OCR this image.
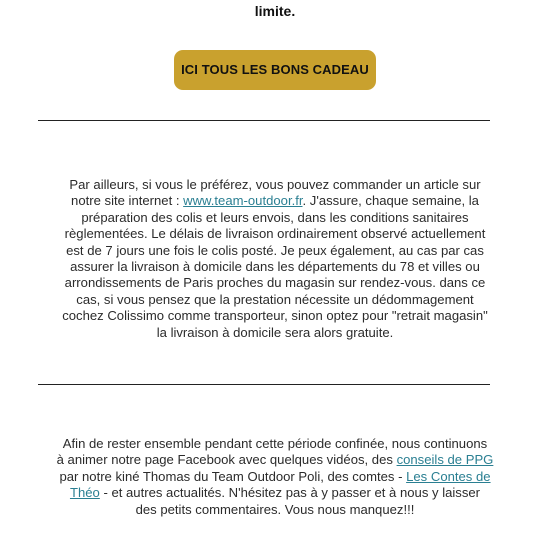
limite.
ICI TOUS LES BONS CADEAU
Par ailleurs, si vous le préférez, vous pouvez commander un article sur
notre site internet : www.team-outdoor.fr. J'assure, chaque semaine, la
préparation des colis et leurs envois, dans les conditions sanitaires
règlementées. Le délais de livraison ordinairement observé actuellement
est de 7 jours une fois le colis posté. Je peux également, au cas par cas
assurer la livraison à domicile dans les départements du 78 et villes ou
arrondissements de Paris proches du magasin sur rendez-vous. dans ce
cas, si vous pensez que la prestation nécessite un dédommagement
cochez Colissimo comme transporteur, sinon optez pour "retrait magasin"
la livraison à domicile sera alors gratuite.
Afin de rester ensemble pendant cette période confinée, nous continuons
à animer notre page Facebook avec quelques vidéos, des conseils de PPG
par notre kiné Thomas du Team Outdoor Poli, des comtes - Les Contes de
Théo - et autres actualités. N'hésitez pas à y passer et à nous y laisser
des petits commentaires. Vous nous manquez!!!
